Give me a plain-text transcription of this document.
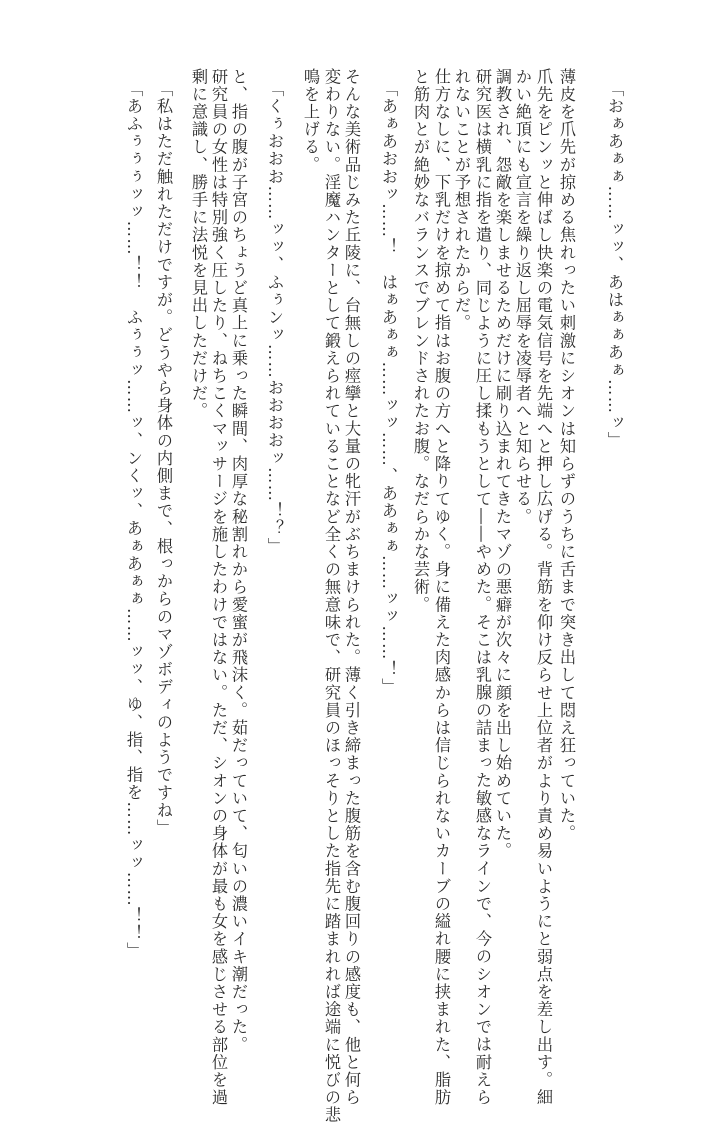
「おぁあぁぁ……ッッ、あはぁぁあぁ……ッ」
薄皮を爪先が掠める焦れったい刺激にシオンは知らずのうちに舌まで突き出して悶え狂っていた。
爪先をピンッと伸ばし快楽の電気信号を先端へと押し広げる。背筋を仰け反らせ上位者がより責め易いようにと弱点を差し出す。細
かい絶頂にも宣言を繰り返し屈辱を凌辱者へと知らせる。
調教され、怨敵を楽しませるためだけに刷り込まれてきたマゾの悪癖が次々に顔を出し始めていた。
研究医は横乳に指を遣り、同じように圧し揉もうとして――やめた。そこは乳腺の詰まった敏感なラインで、今のシオンでは耐えら
れないことが予想されたからだ。
仕方なしに、下乳だけを掠めて指はお腹の方へと降りてゆく。身に備えた肉感からは信じられないカーブの縊れ腰に挟まれた、脂肪
と筋肉とが絶妙なバランスでブレンドされたお腹。なだらかな芸術。
「あぁあおおッ……！　はぁあぁぁ……ッッ……、ああぁぁ……ッッ……！」
そんな美術品じみた丘陵に、台無しの痙攣と大量の牝汗がぶちまけられた。薄く引き締まった腹筋を含む腹回りの感度も、他と何ら
変わりない。淫魔ハンターとして鍛えられていることなど全くの無意味で、研究員のほっそりとした指先に踏まれれば途端に悦びの悲
鳴を上げる。
「くぅおおお……ッッ、ふぅンッ……おおおおッ……！？」
と、指の腹が子宮のちょうど真上に乗った瞬間、肉厚な秘割れから愛蜜が飛沫く。茹だっていて、匂いの濃いイキ潮だった。
研究員の女性は特別強く圧したり、ねちこくマッサージを施したわけではない。ただ、シオンの身体が最も女を感じさせる部位を過
剰に意識し、勝手に法悦を見出しただけだ。
「私はただ触れただけですが。どうやら身体の内側まで、根っからのマゾボディのようですね」
「あふぅぅぅッッ……！！　ふぅぅッ……ッ、ンくッ、あぁあぁぁ……ッッ、ゆ、指、指を……ッッ……！！」
